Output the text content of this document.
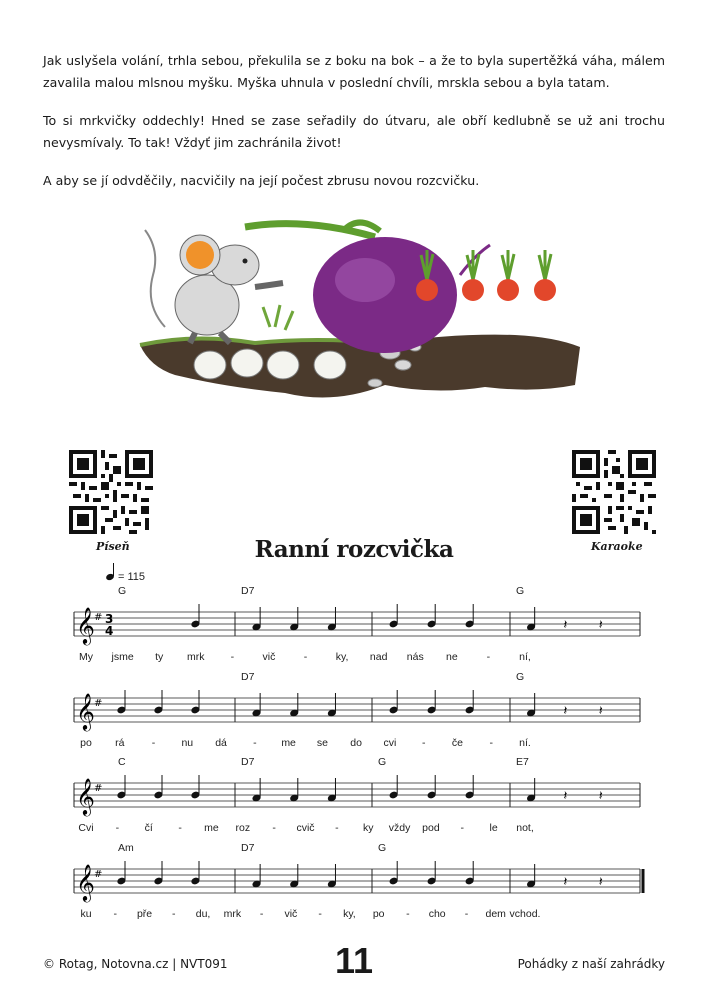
Jak uslyšela volání, trhla sebou, překulila se z boku na bok – a že to byla supertěžká váha, málem zavalila malou mlsnou myšku. Myška uhnula v poslední chvíli, mrskla sebou a byla tatam.

To si mrkvičky oddechly! Hned se zase seřadily do útvaru, ale obří kedlubně se už ani trochu nevysmívaly. To tak! Vždyť jim zachránila život!

A aby se jí odvděčily, nacvičily na její počest zbrusu novou rozcvičku.

Píseň	Karaoke
Ranní rozcvička
= 115
𝄞 # 3
4	𝄽 𝄽
G	D7	G
My jsme ty mrk -	vič	-	ky, nad nás ne	-	ní,
𝄞 #
𝄽 𝄽
D7	G
po rá	- nu dá - me se do cvi -	če	- ní.
𝄞 #
𝄽 𝄽
C	D7	G	E7
Cvi - čí - me roz - cvič - ky vždy pod - le not,
𝄞 #
𝄽 𝄽
Am	D7	G
ku - pře - du, mrk - vič - ky, po - cho - dem vchod.
© Rotag, Notovna.cz | NVT091	11	Pohádky z naší zahrádky
